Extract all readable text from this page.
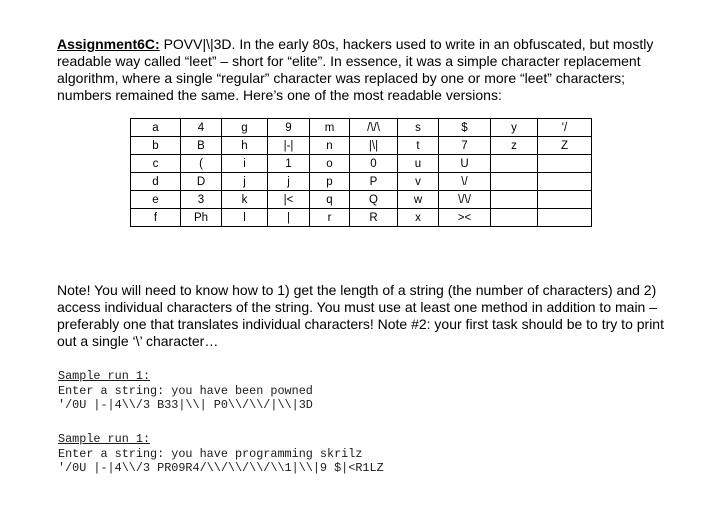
Assignment6C: POVV|\|3D. In the early 80s, hackers used to write in an obfuscated, but mostly readable way called “leet” – short for “elite”. In essence, it was a simple character replacement algorithm, where a single “regular” character was replaced by one or more “leet” characters; numbers remained the same. Here’s one of the most readable versions:

a	4	g	9	m	/\/\	s	$	y	'/
b	B	h	|-|	n	|\|	t	7	z	Z
c	(	i	1	o	0	u	U		
d	D	j	j	p	P	v	\/		
e	3	k	|<	q	Q	w	\/\/		
f	Ph	l	|	r	R	x	><		

Note! You will need to know how to 1) get the length of a string (the number of characters) and 2) access individual characters of the string. You must use at least one method in addition to main – preferably one that translates individual characters! Note #2: your first task should be to try to print out a single ‘\’ character…

Sample run 1:
Enter a string: you have been powned
'/0U |-|4\\/3 B33|\\| P0\\/\\/|\\|3D
Sample run 1:
Enter a string: you have programming skrilz
'/0U |-|4\\/3 PR09R4/\\/\\/\\/\\1|\\|9 $|<R1LZ
